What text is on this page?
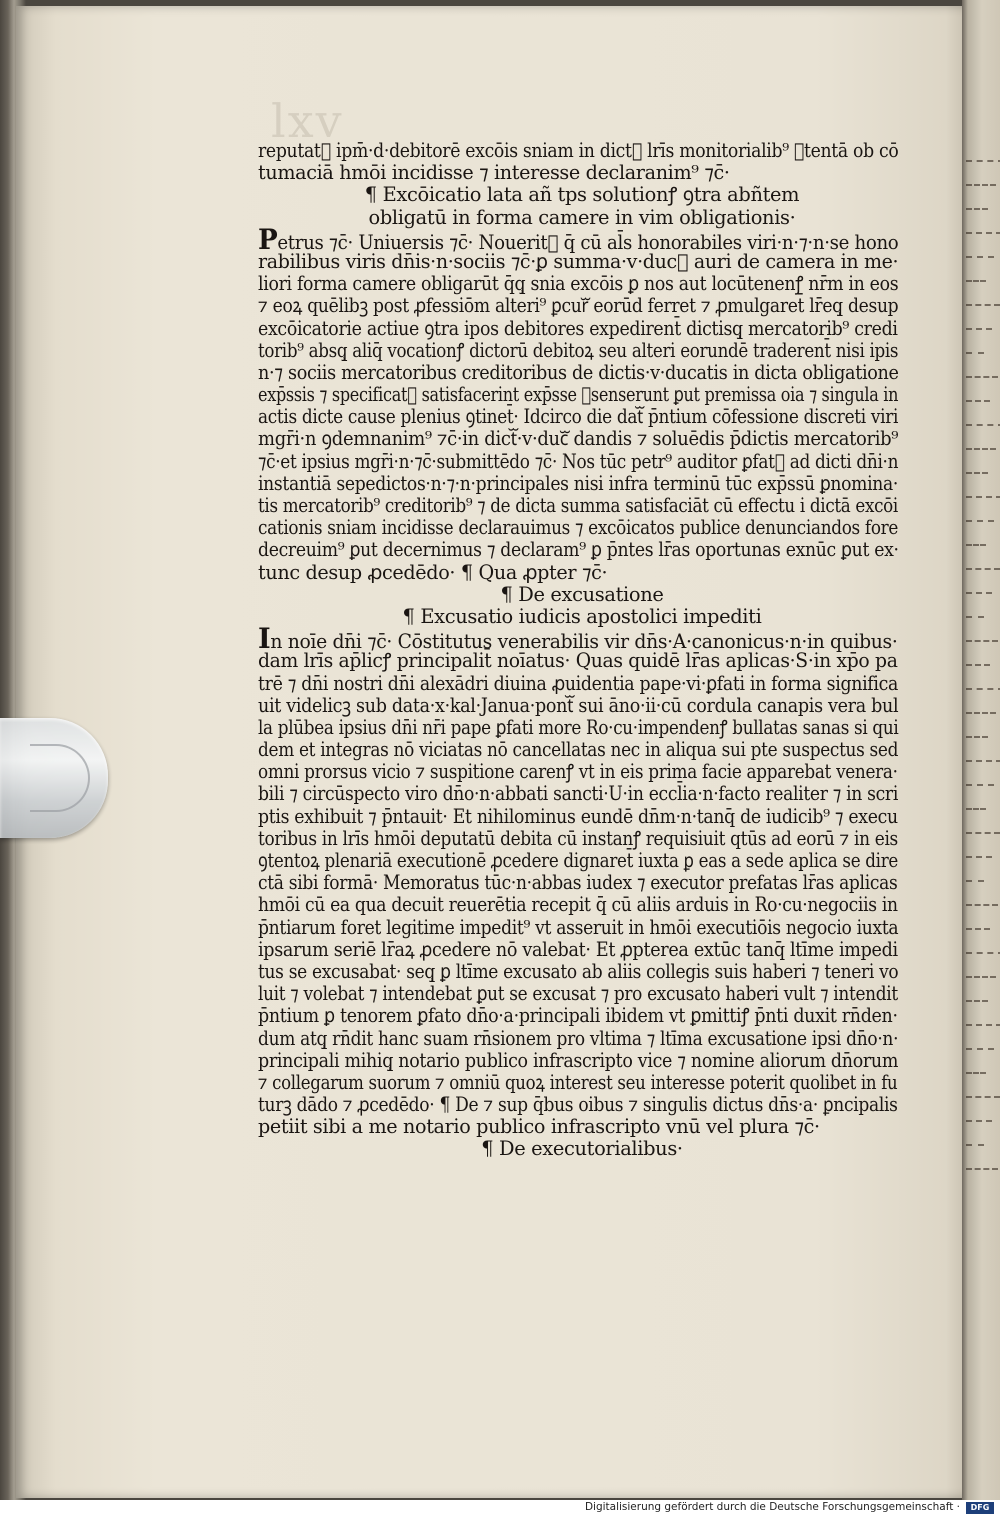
lxv
reputatᷓ ipm̄·d·debitorē excōis sniam in dictᷓ lrīs monitorialib⁹ ꝯtentā ob cō
tumaciā hmōi incidisse ⁊ interesse declaranim⁹ ⁊c̄·
¶ Excōicatio lata añ tps solutionꝭ ꝯtra abñtem
obligatū in forma camere in vim obligationis·
Petrus ⁊c̄· Uniuersis ⁊c̄· Nouerit᷑ q̄ cū al̄s honorabiles viri·n·⁊·n·se hono
rabilibus viris dn̄is·n·sociis ⁊c̄·ꝑ summa·v·ducᷓ auri de camera in me·
liori forma camere obligarūt q̄q̧ snia excōis ꝑ nos aut locūtenenꝭ nr̄m in eos
⁊ eoꝝ quēlibꝫ post ꝓfessiōm alteri⁹ ꝑcurᷓ eorūd ferret ⁊ ꝓmulgaret̄ lr̄eq̧ desup
excōicatorie actiue ꝯtra ipos debitores expedirent̄ dictisq̧ mercatorib⁹ credi
torib⁹ absq̧ aliq̄ vocationꝭ dictorū debitoꝝ seu alteri eorundē traderent̄ nisi ipis
n·⁊ sociis mercatoribus creditoribus de dictis·v·ducatis in dicta obligatione
exp̄ssis ⁊ specificatᷓ satisfacerint exp̄sse ꝯsenserunt ꝑut premissa oia ⁊ singula in
actis dicte cause plenius ꝯtinet̄· Idcirco die datᷓ p̄ntium cōfessione discreti viri
mgr̄i·n ꝯdemnanim⁹ ⁊c̄·in dictᷓ·v·ducᷓ dandis ⁊ soluēdis p̄dictis mercatorib⁹
⁊c̄·et ipsius mgr̄i·n·⁊c̄·submittēdo ⁊c̄· Nos tūc petr⁹ auditor ꝑfatᷓ ad dicti dn̄i·n
instantiā sepedictos·n·⁊·n·principales nisi infra terminū tūc exp̄ssū ꝑnomina·
tis mercatorib⁹ creditorib⁹ ⁊ de dicta summa satisfaciāt cū effectu i dictā excōi
cationis sniam incidisse declarauimus ⁊ excōicatos publice denunciandos fore
decreuim⁹ ꝑut decernimus ⁊ declaram⁹ ꝑ p̄ntes lr̄as oportunas exnūc ꝑut ex·
tunc desup ꝓcedēdo· ¶ Qua ꝓpter ⁊c̄·
¶ De excusatione
¶ Excusatio iudicis apostolici impediti
In noīe dn̄i ⁊c̄· Cōstitutus venerabilis vir dn̄s·A·canonicus·n·in quibus·
dam lrīs ap̄licꝭ principalit̄ noīatus· Quas quidē lr̄as aplicas·S·in xp̄o pa
trē ⁊ dn̄i nostri dn̄i alexādri diuina ꝓuidentia pape·vi·ꝑfati in forma significa
uit videlicꝫ sub data·x·kal·Janua·pontᷓ sui āno·ii·cū cordula canapis vera bul
la plūbea ipsius dn̄i nr̄i pape ꝑfati more Ro·cu·impendenꝭ bullatas sanas si qui
dem et integras nō viciatas nō cancellatas nec in aliqua sui pte suspectus sed
omni prorsus vicio ⁊ suspitione carenꝭ vt in eis prima facie apparebat venera·
bili ⁊ circūspecto viro dn̄o·n·abbati sancti·U·in eccl̄ia·n·facto realiter ⁊ in scri
ptis exhibuit ⁊ p̄ntauit· Et nihilominus eundē dn̄m·n·tanq̄ de iudicib⁹ ⁊ execu
toribus in lrīs hmōi deputatū debita cū instanꝭ requisiuit qtūs ad eorū ⁊ in eis
ꝯtentoꝝ plenariā executionē ꝓcedere dignaret̄ iuxta ꝑ eas a sede aplica se dire
ctā sibi formā· Memoratus tūc·n·abbas iudex ⁊ executor prefatas lr̄as aplicas
hmōi cū ea qua decuit reuerētia recepit q̄ cū aliis arduis in Ro·cu·negociis in
p̄ntiarum foret legitime impedit⁹ vt asseruit in hmōi executiōis negocio iuxta
ipsarum seriē lr̄aꝝ ꝓcedere nō valebat· Et ꝓpterea extūc tanq̄ ltīme impedi
tus se excusabat· seq̧ ꝑ ltīme excusato ab aliis collegis suis haberi ⁊ teneri vo
luit ⁊ volebat ⁊ intendebat ꝑut se excusat ⁊ pro excusato haberi vult ⁊ intendit
p̄ntium ꝑ tenorem ꝑfato dn̄o·a·principali ibidem vt ꝑmittiꝭ p̄nti duxit rn̄den·
dum atq̧ rn̄dit hanc suam rn̄sionem pro vltima ⁊ ltīma excusatione ipsi dn̄o·n·
principali mihiq̧ notario publico infrascripto vice ⁊ nomine aliorum dn̄orum
⁊ collegarum suorum ⁊ omniū quoꝝ interest seu interesse poterit quolibet in fu
turꝫ dādo ⁊ ꝓcedēdo· ¶ De ⁊ sup q̄bus oibus ⁊ singulis dictus dn̄s·a· ꝑncipalis
petiit sibi a me notario publico infrascripto vnū vel plura ⁊c̄·
¶ De executorialibus·
Digitalisierung gefördert durch die Deutsche Forschungsgemeinschaft ·	DFG
